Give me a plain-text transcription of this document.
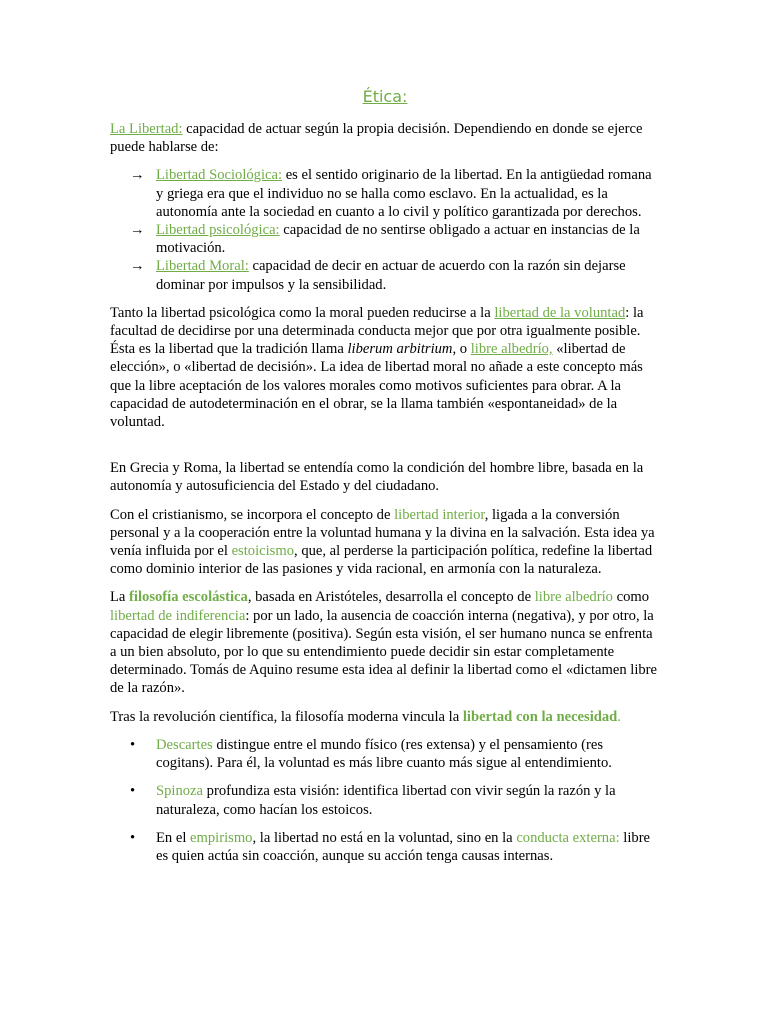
Ética:

La Libertad: capacidad de actuar según la propia decisión. Dependiendo en donde se ejerce puede hablarse de:

→ Libertad Sociológica: es el sentido originario de la libertad. En la antigüedad romana y griega era que el individuo no se halla como esclavo. En la actualidad, es la autonomía ante la sociedad en cuanto a lo civil y político garantizada por derechos.
→ Libertad psicológica: capacidad de no sentirse obligado a actuar en instancias de la motivación.
→ Libertad Moral: capacidad de decir en actuar de acuerdo con la razón sin dejarse dominar por impulsos y la sensibilidad.

Tanto la libertad psicológica como la moral pueden reducirse a la libertad de la voluntad: la facultad de decidirse por una determinada conducta mejor que por otra igualmente posible. Ésta es la libertad que la tradición llama liberum arbitrium, o libre albedrío, «libertad de elección», o «libertad de decisión». La idea de libertad moral no añade a este concepto más que la libre aceptación de los valores morales como motivos suficientes para obrar. A la capacidad de autodeterminación en el obrar, se la llama también «espontaneidad» de la voluntad.

En Grecia y Roma, la libertad se entendía como la condición del hombre libre, basada en la autonomía y autosuficiencia del Estado y del ciudadano.

Con el cristianismo, se incorpora el concepto de libertad interior, ligada a la conversión personal y a la cooperación entre la voluntad humana y la divina en la salvación. Esta idea ya venía influida por el estoicismo, que, al perderse la participación política, redefine la libertad como dominio interior de las pasiones y vida racional, en armonía con la naturaleza.

La filosofía escolástica, basada en Aristóteles, desarrolla el concepto de libre albedrío como libertad de indiferencia: por un lado, la ausencia de coacción interna (negativa), y por otro, la capacidad de elegir libremente (positiva). Según esta visión, el ser humano nunca se enfrenta a un bien absoluto, por lo que su entendimiento puede decidir sin estar completamente determinado. Tomás de Aquino resume esta idea al definir la libertad como el «dictamen libre de la razón».

Tras la revolución científica, la filosofía moderna vincula la libertad con la necesidad.

• Descartes distingue entre el mundo físico (res extensa) y el pensamiento (res cogitans). Para él, la voluntad es más libre cuanto más sigue al entendimiento.
• Spinoza profundiza esta visión: identifica libertad con vivir según la razón y la naturaleza, como hacían los estoicos.
• En el empirismo, la libertad no está en la voluntad, sino en la conducta externa: libre es quien actúa sin coacción, aunque su acción tenga causas internas.
